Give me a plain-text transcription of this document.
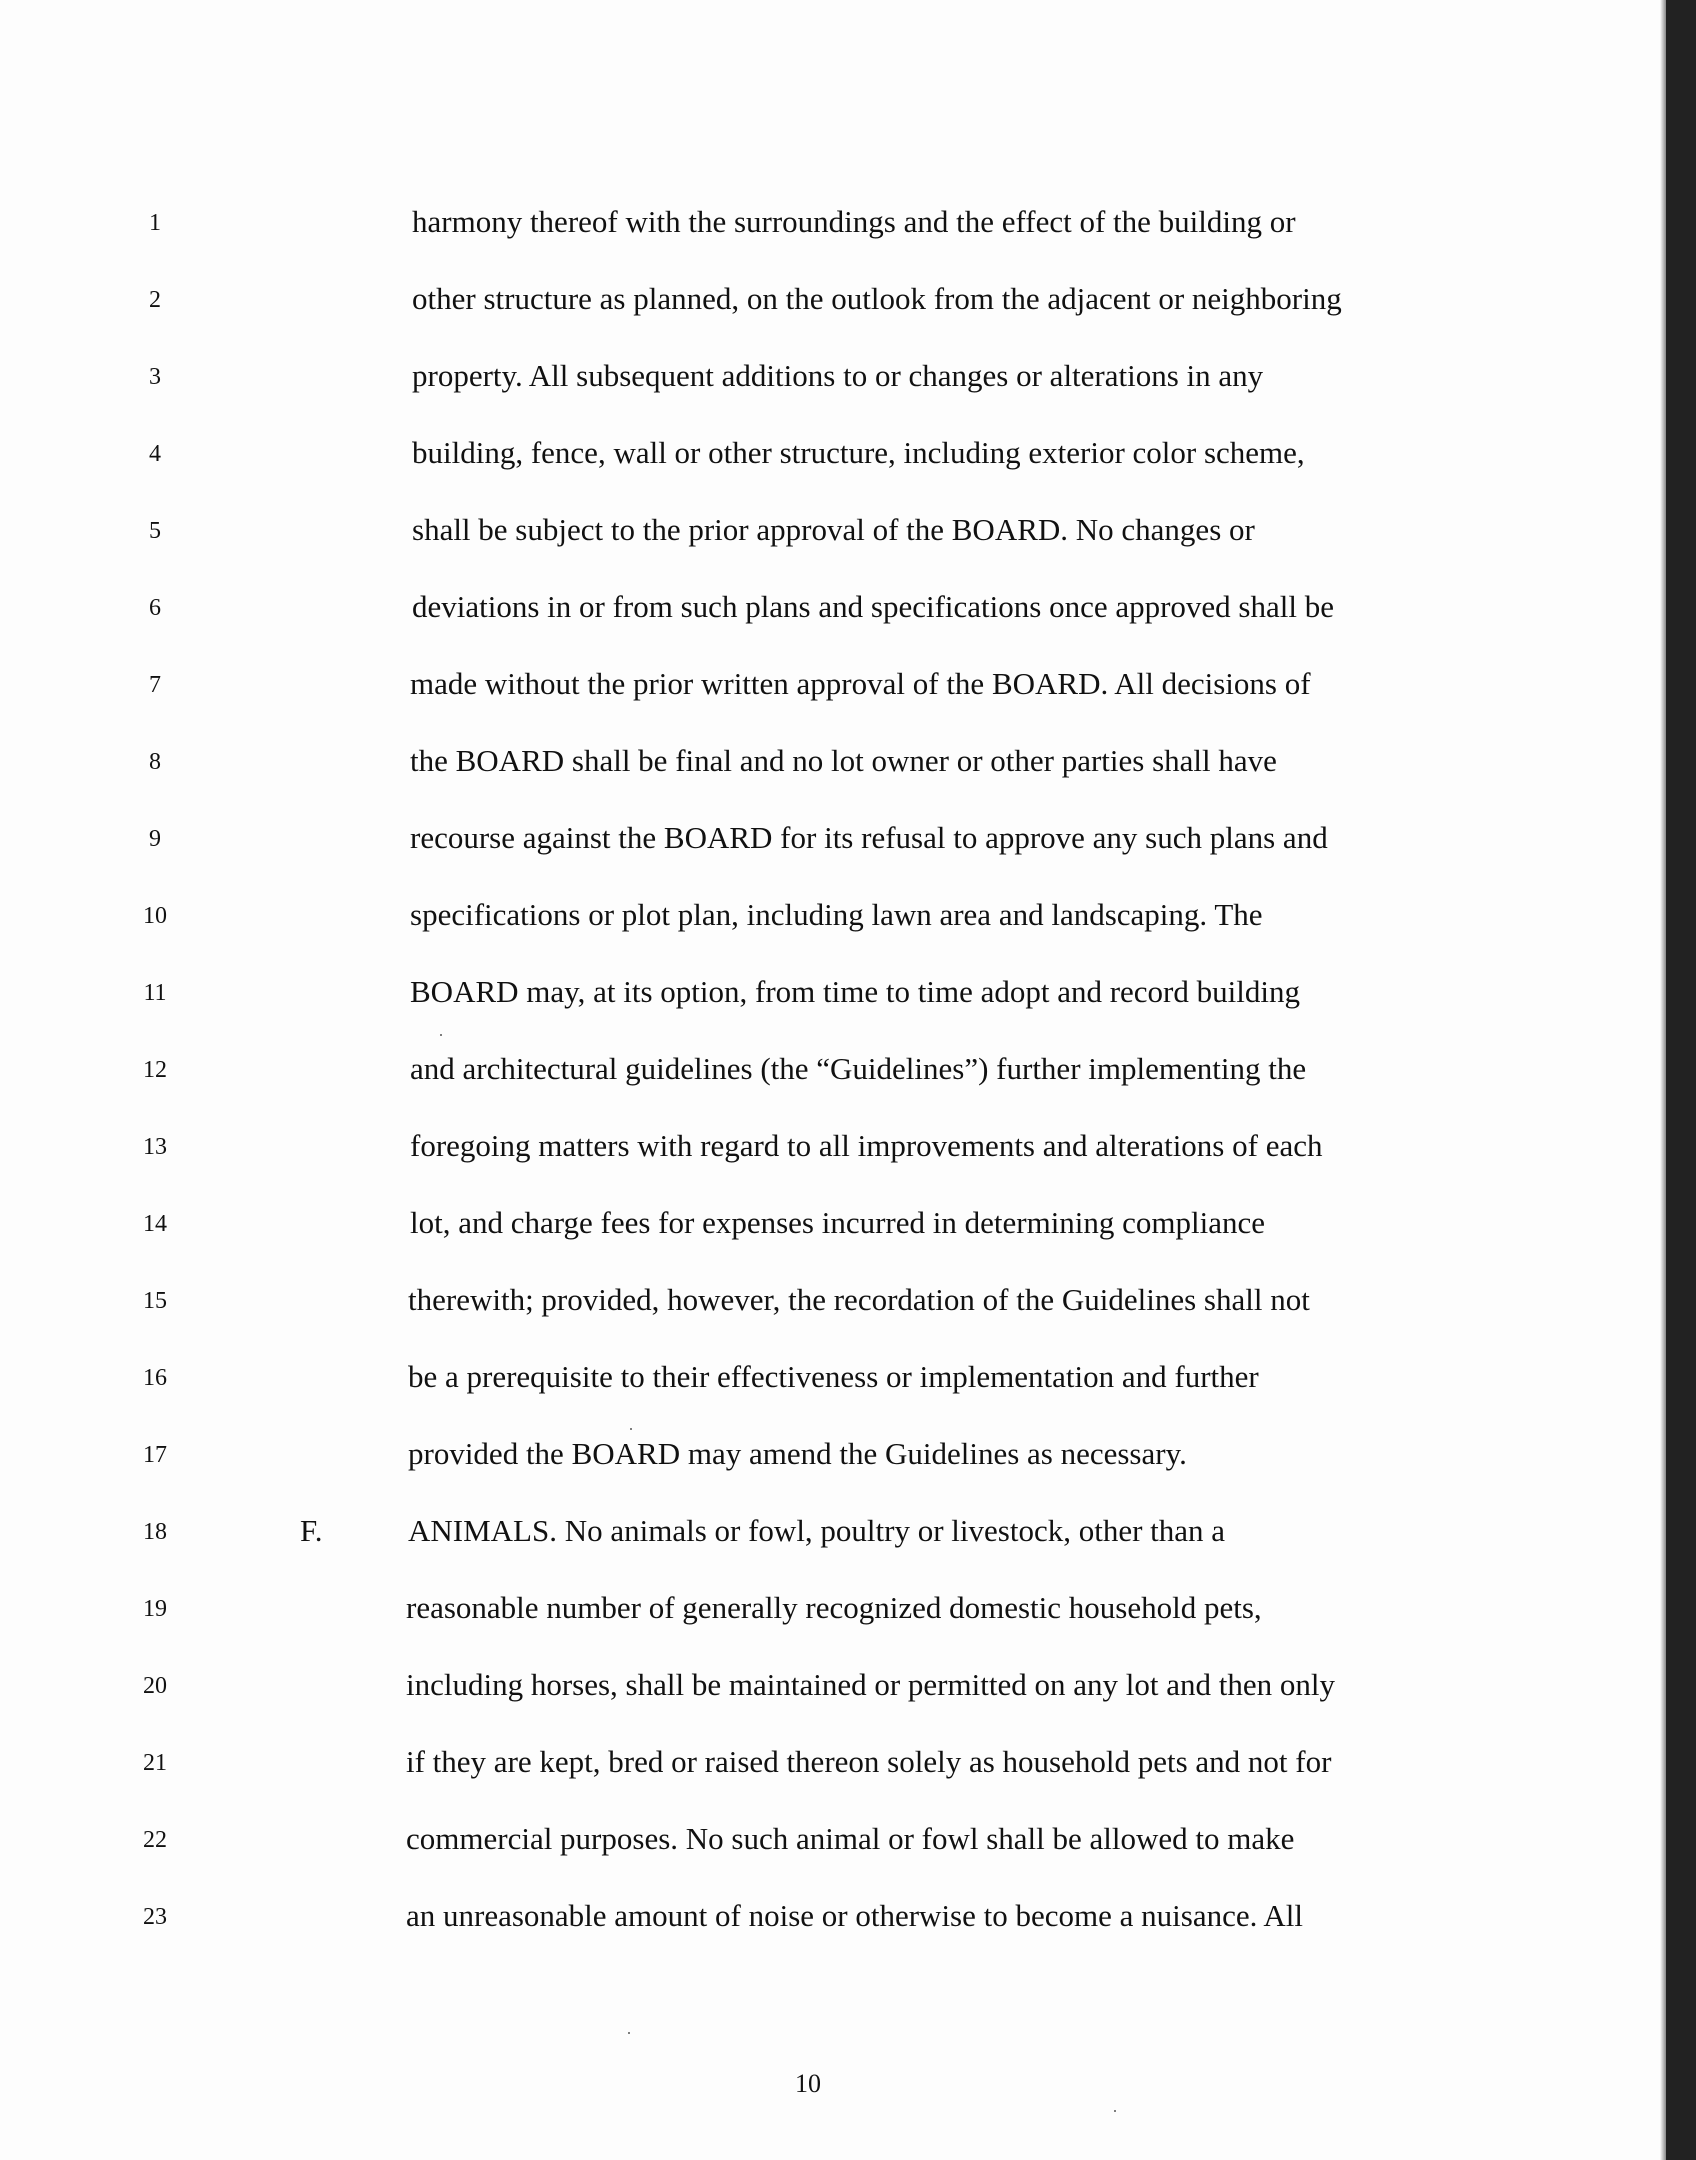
1	harmony thereof with the surroundings and the effect of the building or
2	other structure as planned, on the outlook from the adjacent or neighboring
3	property. All subsequent additions to or changes or alterations in any
4	building, fence, wall or other structure, including exterior color scheme,
5	shall be subject to the prior approval of the BOARD. No changes or
6	deviations in or from such plans and specifications once approved shall be
7	made without the prior written approval of the BOARD. All decisions of
8	the BOARD shall be final and no lot owner or other parties shall have
9	recourse against the BOARD for its refusal to approve any such plans and
10	specifications or plot plan, including lawn area and landscaping. The
11	BOARD may, at its option, from time to time adopt and record building
12	and architectural guidelines (the “Guidelines”) further implementing the
13	foregoing matters with regard to all improvements and alterations of each
14	lot, and charge fees for expenses incurred in determining compliance
15	therewith; provided, however, the recordation of the Guidelines shall not
16	be a prerequisite to their effectiveness or implementation and further
17	provided the BOARD may amend the Guidelines as necessary.
18	F.	ANIMALS. No animals or fowl, poultry or livestock, other than a
19	reasonable number of generally recognized domestic household pets,
20	including horses, shall be maintained or permitted on any lot and then only
21	if they are kept, bred or raised thereon solely as household pets and not for
22	commercial purposes. No such animal or fowl shall be allowed to make
23	an unreasonable amount of noise or otherwise to become a nuisance. All
10
